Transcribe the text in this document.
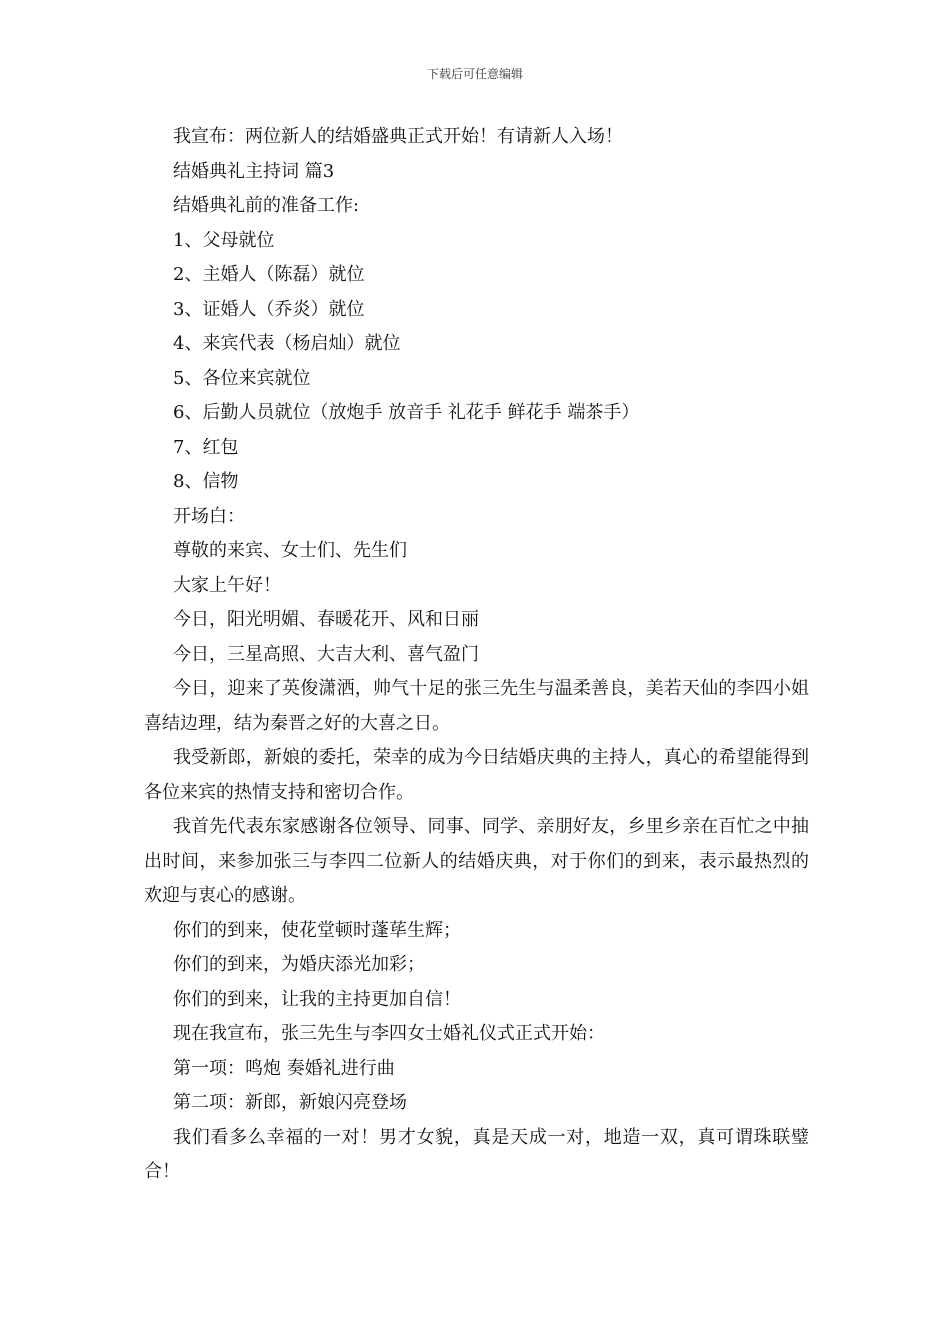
下载后可任意编辑

我宣布：两位新人的结婚盛典正式开始！有请新人入场！

结婚典礼主持词 篇3

结婚典礼前的准备工作:

1、父母就位

2、主婚人（陈磊）就位

3、证婚人（乔炎）就位

4、来宾代表（杨启灿）就位

5、各位来宾就位

6、后勤人员就位（放炮手 放音手 礼花手 鲜花手 端茶手）

7、红包

8、信物

开场白：

尊敬的来宾、女士们、先生们

大家上午好！

今日，阳光明媚、春暖花开、风和日丽

今日，三星高照、大吉大利、喜气盈门

今日，迎来了英俊潇洒，帅气十足的张三先生与温柔善良，美若天仙的李四小姐喜结边理，结为秦晋之好的大喜之日。

我受新郎，新娘的委托，荣幸的成为今日结婚庆典的主持人，真心的希望能得到各位来宾的热情支持和密切合作。

我首先代表东家感谢各位领导、同事、同学、亲朋好友，乡里乡亲在百忙之中抽出时间，来参加张三与李四二位新人的结婚庆典，对于你们的到来，表示最热烈的欢迎与衷心的感谢。

你们的到来，使花堂顿时蓬荜生辉；

你们的到来，为婚庆添光加彩；

你们的到来，让我的主持更加自信！

现在我宣布，张三先生与李四女士婚礼仪式正式开始：

第一项：鸣炮 奏婚礼进行曲

第二项：新郎，新娘闪亮登场

我们看多么幸福的一对！男才女貌，真是天成一对，地造一双，真可谓珠联璧合！
